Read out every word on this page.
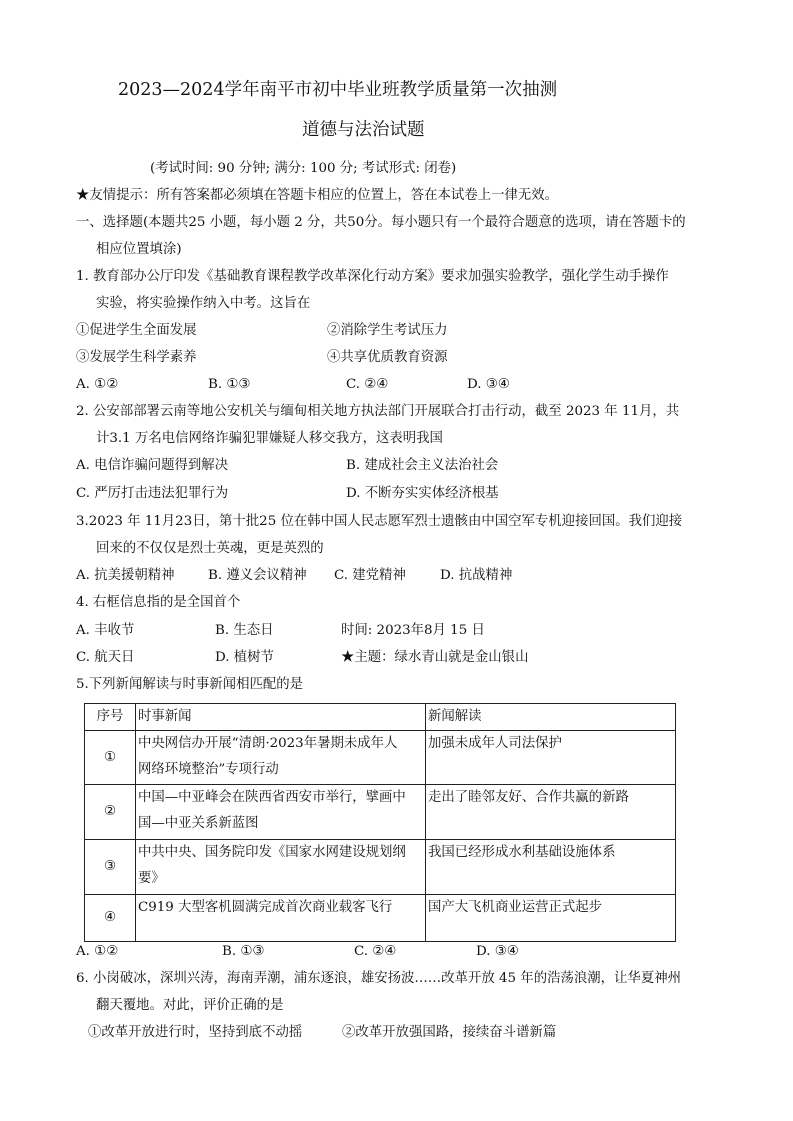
2023—2024学年南平市初中毕业班教学质量第一次抽测
道德与法治试题
(考试时间: 90 分钟; 满分: 100 分; 考试形式: 闭卷)
★友情提示：所有答案都必须填在答题卡相应的位置上，答在本试卷上一律无效。
一、选择题(本题共25 小题，每小题 2 分，共50分。每小题只有一个最符合题意的选项，请在答题卡的
相应位置填涂)
1. 教育部办公厅印发《基础教育课程教学改革深化行动方案》要求加强实验教学，强化学生动手操作
实验，将实验操作纳入中考。这旨在
①促进学生全面发展	②消除学生考试压力
③发展学生科学素养	④共享优质教育资源
A. ①②	B. ①③	C. ②④	D. ③④
2. 公安部部署云南等地公安机关与缅甸相关地方执法部门开展联合打击行动，截至 2023 年 11月，共
计3.1 万名电信网络诈骗犯罪嫌疑人移交我方，这表明我国
A. 电信诈骗问题得到解决	B. 建成社会主义法治社会
C. 严厉打击违法犯罪行为	D. 不断夯实实体经济根基
3.2023 年 11月23日，第十批25 位在韩中国人民志愿军烈士遗骸由中国空军专机迎接回国。我们迎接
回来的不仅仅是烈士英魂，更是英烈的
A. 抗美援朝精神 B. 遵义会议精神 C. 建党精神	D. 抗战精神
4. 右框信息指的是全国首个
A. 丰收节	B. 生态日	时间: 2023年8月 15 日
C. 航天日	D. 植树节	★主题：绿水青山就是金山银山
5.下列新闻解读与时事新闻相匹配的是
序号	时事新闻	新闻解读
①	中央网信办开展“清朗·2023年暑期未成年人
网络环境整治”专项行动	加强未成年人司法保护

②	中国—中亚峰会在陕西省西安市举行，擘画中
国—中亚关系新蓝图	走出了睦邻友好、合作共赢的新路

③	中共中央、国务院印发《国家水网建设规划纲
要》	我国已经形成水利基础设施体系

④	C919 大型客机圆满完成首次商业载客飞行	国产大飞机商业运营正式起步
A. ①②	B. ①③	C. ②④	D. ③④
6. 小岗破冰，深圳兴涛，海南弄潮，浦东逐浪，雄安扬波……改革开放 45 年的浩荡浪潮，让华夏神州
翻天覆地。对此，评价正确的是
①改革开放进行时，坚持到底不动摇	②改革开放强国路，接续奋斗谱新篇
